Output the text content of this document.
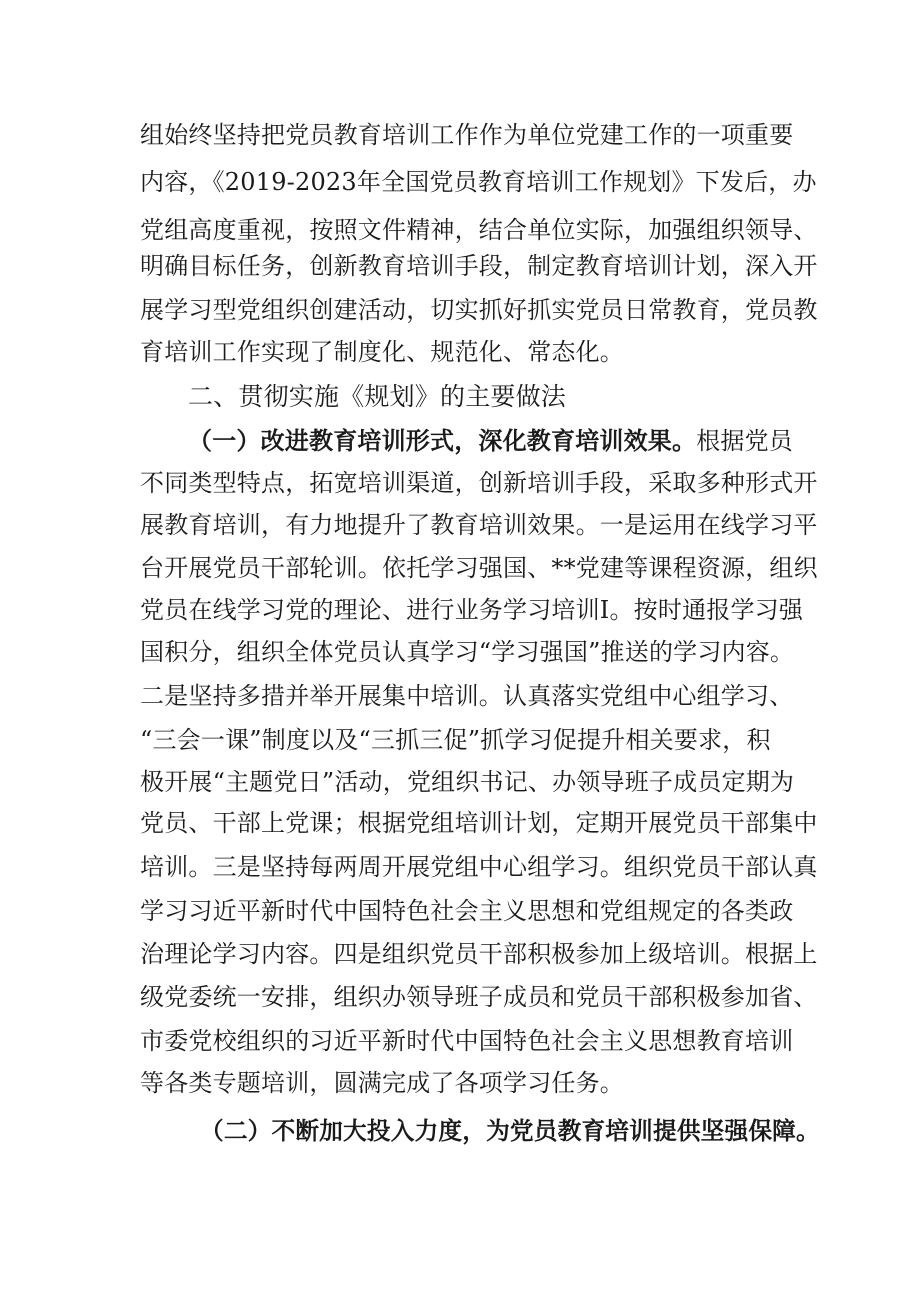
组始终坚持把党员教育培训工作作为单位党建工作的一项重要
内容，《2019-2023年全国党员教育培训工作规划》下发后，办
党组高度重视，按照文件精神，结合单位实际，加强组织领导、
明确目标任务，创新教育培训手段，制定教育培训计划，深入开
展学习型党组织创建活动，切实抓好抓实党员日常教育，党员教
育培训工作实现了制度化、规范化、常态化。
二、贯彻实施《规划》的主要做法
（一）改进教育培训形式，深化教育培训效果。根据党员
不同类型特点，拓宽培训渠道，创新培训手段，采取多种形式开
展教育培训，有力地提升了教育培训效果。一是运用在线学习平
台开展党员干部轮训。依托学习强国、**党建等课程资源，组织
党员在线学习党的理论、进行业务学习培训I。按时通报学习强
国积分，组织全体党员认真学习“学习强国”推送的学习内容。
二是坚持多措并举开展集中培训。认真落实党组中心组学习、
“三会一课”制度以及“三抓三促”抓学习促提升相关要求，积
极开展“主题党日”活动，党组织书记、办领导班子成员定期为
党员、干部上党课；根据党组培训计划，定期开展党员干部集中
培训。三是坚持每两周开展党组中心组学习。组织党员干部认真
学习习近平新时代中国特色社会主义思想和党组规定的各类政
治理论学习内容。四是组织党员干部积极参加上级培训。根据上
级党委统一安排，组织办领导班子成员和党员干部积极参加省、
市委党校组织的习近平新时代中国特色社会主义思想教育培训
等各类专题培训，圆满完成了各项学习任务。
（二）不断加大投入力度，为党员教育培训提供坚强保障。
